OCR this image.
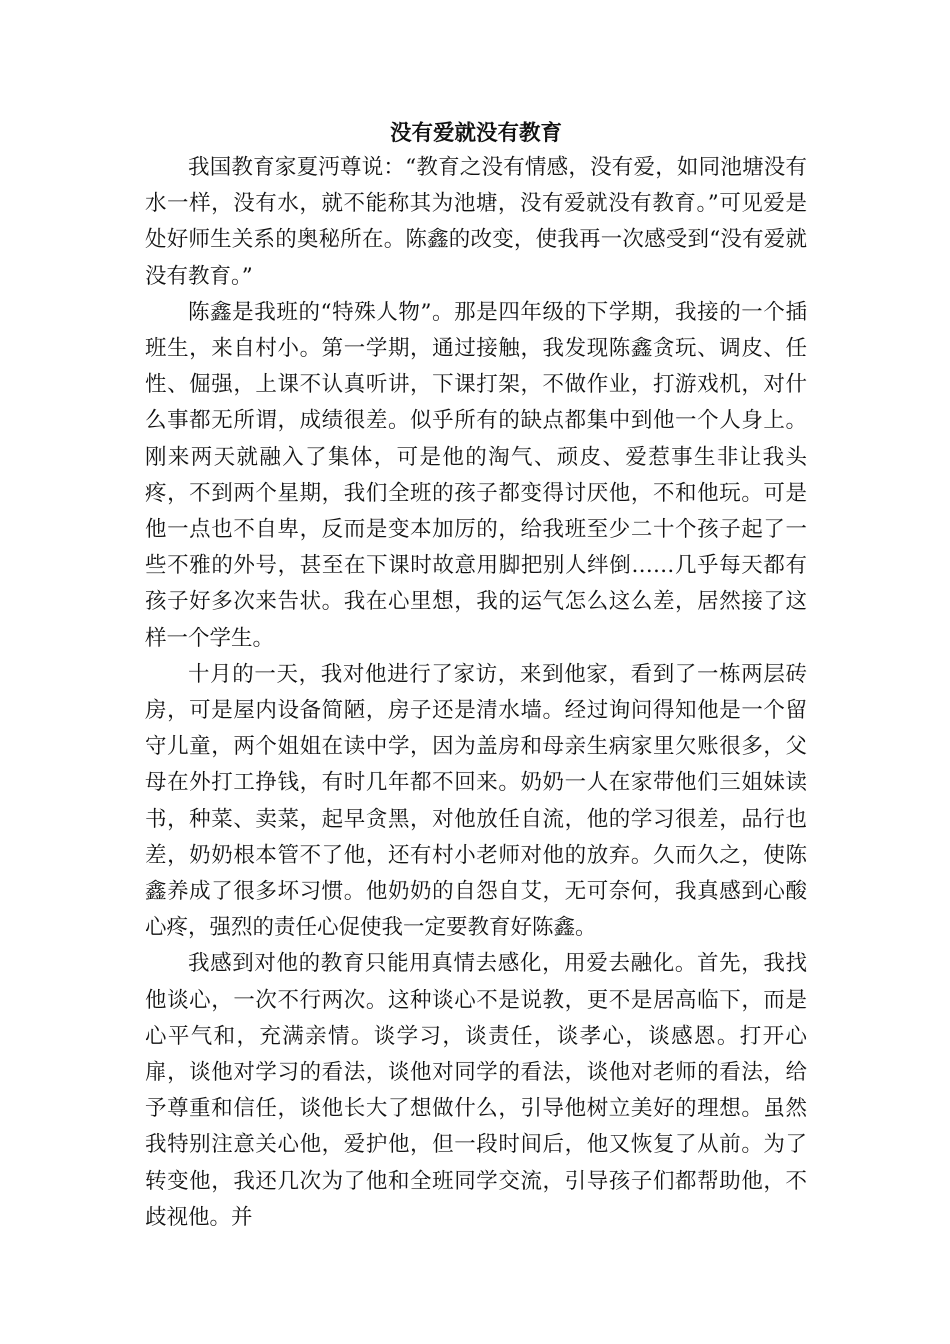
没有爱就没有教育

我国教育家夏沔尊说：“教育之没有情感，没有爱，如同池塘没有水一样，没有水，就不能称其为池塘，没有爱就没有教育。”可见爱是处好师生关系的奥秘所在。陈鑫的改变，使我再一次感受到“没有爱就没有教育。”

陈鑫是我班的“特殊人物”。那是四年级的下学期，我接的一个插班生，来自村小。第一学期，通过接触，我发现陈鑫贪玩、调皮、任性、倔强，上课不认真听讲，下课打架，不做作业，打游戏机，对什么事都无所谓，成绩很差。似乎所有的缺点都集中到他一个人身上。刚来两天就融入了集体，可是他的淘气、顽皮、爱惹事生非让我头疼，不到两个星期，我们全班的孩子都变得讨厌他，不和他玩。可是他一点也不自卑，反而是变本加厉的，给我班至少二十个孩子起了一些不雅的外号，甚至在下课时故意用脚把别人绊倒……几乎每天都有孩子好多次来告状。我在心里想，我的运气怎么这么差，居然接了这样一个学生。

十月的一天，我对他进行了家访，来到他家，看到了一栋两层砖房，可是屋内设备简陋，房子还是清水墙。经过询问得知他是一个留守儿童，两个姐姐在读中学，因为盖房和母亲生病家里欠账很多，父母在外打工挣钱，有时几年都不回来。奶奶一人在家带他们三姐妹读书，种菜、卖菜，起早贪黑，对他放任自流，他的学习很差，品行也差，奶奶根本管不了他，还有村小老师对他的放弃。久而久之，使陈鑫养成了很多坏习惯。他奶奶的自怨自艾，无可奈何，我真感到心酸心疼，强烈的责任心促使我一定要教育好陈鑫。

我感到对他的教育只能用真情去感化，用爱去融化。首先，我找他谈心，一次不行两次。这种谈心不是说教，更不是居高临下，而是心平气和，充满亲情。谈学习，谈责任，谈孝心，谈感恩。打开心扉，谈他对学习的看法，谈他对同学的看法，谈他对老师的看法，给予尊重和信任，谈他长大了想做什么，引导他树立美好的理想。虽然我特别注意关心他，爱护他，但一段时间后，他又恢复了从前。为了转变他，我还几次为了他和全班同学交流，引导孩子们都帮助他，不歧视他。并
